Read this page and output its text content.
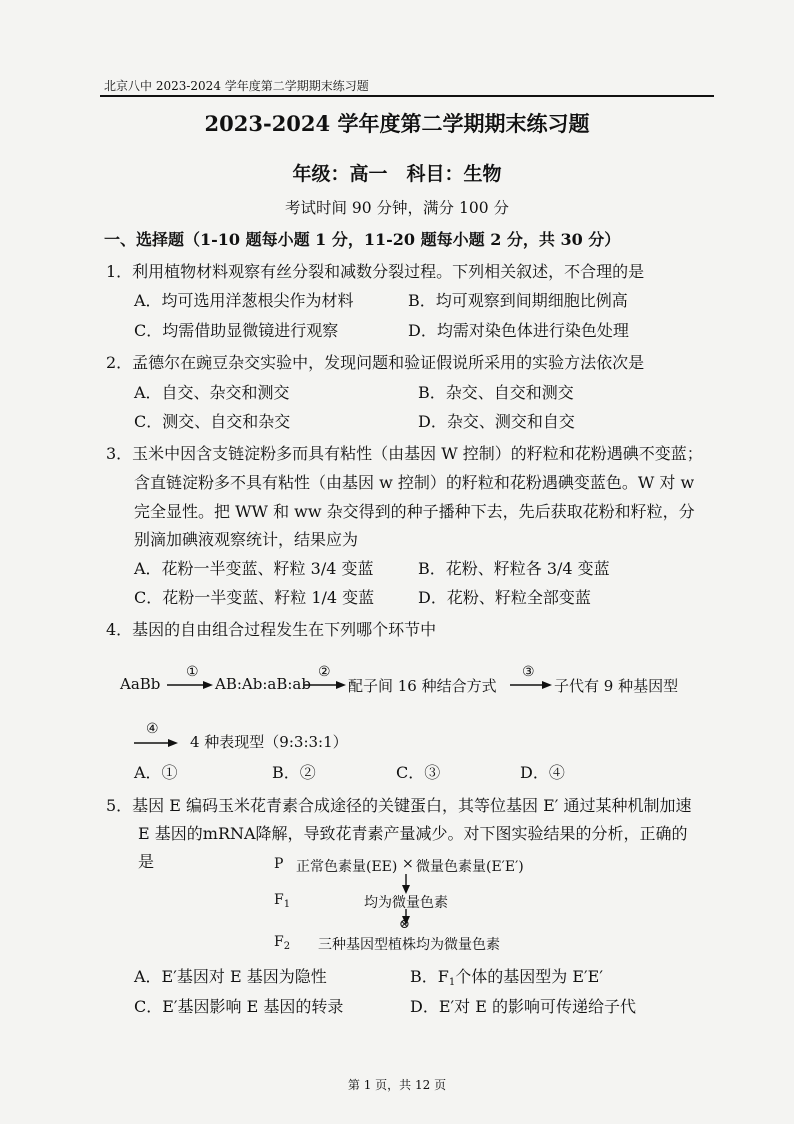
北京八中 2023-2024 学年度第二学期期末练习题
2023-2024 学年度第二学期期末练习题
年级：高一　科目：生物
考试时间 90 分钟，满分 100 分
一、选择题（1-10 题每小题 1 分，11-20 题每小题 2 分，共 30 分）
1．利用植物材料观察有丝分裂和减数分裂过程。下列相关叙述，不合理的是
A．均可选用洋葱根尖作为材料	B．均可观察到间期细胞比例高
C．均需借助显微镜进行观察	D．均需对染色体进行染色处理
2．孟德尔在豌豆杂交实验中，发现问题和验证假说所采用的实验方法依次是
A．自交、杂交和测交	B．杂交、自交和测交
C．测交、自交和杂交	D．杂交、测交和自交
3．玉米中因含支链淀粉多而具有粘性（由基因 W 控制）的籽粒和花粉遇碘不变蓝；
含直链淀粉多不具有粘性（由基因 w 控制）的籽粒和花粉遇碘变蓝色。W 对 w
完全显性。把 WW 和 ww 杂交得到的种子播种下去，先后获取花粉和籽粒，分
别滴加碘液观察统计，结果应为
A．花粉一半变蓝、籽粒 3/4 变蓝	B．花粉、籽粒各 3/4 变蓝
C．花粉一半变蓝、籽粒 1/4 变蓝	D．花粉、籽粒全部变蓝
4．基因的自由组合过程发生在下列哪个环节中
AaBb
①
AB:Ab:aB:ab
②
配子间 16 种结合方式
③
子代有 9 种基因型
④
4 种表现型（9:3:3:1）
A．①	B．②	C．③	D．④
5．基因 E 编码玉米花青素合成途径的关键蛋白，其等位基因 E′ 通过某种机制加速
E 基因的mRNA降解，导致花青素产量减少。对下图实验结果的分析，正确的
是	P 正常色素量(EE) × 微量色素量(E′E′)
$F_1$	均为微量色素
⊗
$F_2$ 三种基因型植株均为微量色素
A．E′基因对 E 基因为隐性	B．$F_1$个体的基因型为 E′E′
C．E′基因影响 E 基因的转录	D．E′对 E 的影响可传递给子代
第 1 页，共 12 页
